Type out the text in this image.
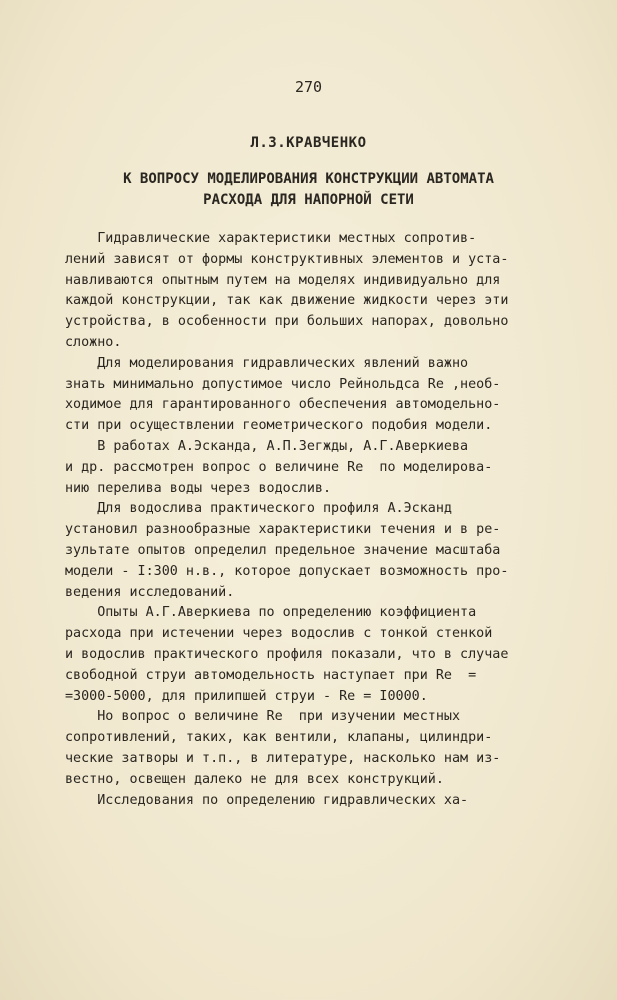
270
Л.З.КРАВЧЕНКО
К ВОПРОСУ МОДЕЛИРОВАНИЯ КОНСТРУКЦИИ АВТОМАТА
РАСХОДА ДЛЯ НАПОРНОЙ СЕТИ
Гидравлические характеристики местных сопротив-
лений зависят от формы конструктивных элементов и уста-
навливаются опытным путем на моделях индивидуально для
каждой конструкции, так как движение жидкости через эти
устройства, в особенности при больших напорах, довольно
сложно.
Для моделирования гидравлических явлений важно
знать минимально допустимое число Рейнольдса Re ,необ-
ходимое для гарантированного обеспечения автомодельно-
сти при осуществлении геометрического подобия модели.
В работах А.Эсканда, А.П.Зегжды, А.Г.Аверкиева
и др. рассмотрен вопрос о величине Re  по моделирова-
нию перелива воды через водослив.
Для водослива практического профиля А.Эсканд
установил разнообразные характеристики течения и в ре-
зультате опытов определил предельное значение масштаба
модели - I:300 н.в., которое допускает возможность про-
ведения исследований.
Опыты А.Г.Аверкиева по определению коэффициента
расхода при истечении через водослив с тонкой стенкой
и водослив практического профиля показали, что в случае
свободной струи автомодельность наступает при Re  =
=3000-5000, для прилипшей струи - Re = I0000.
Но вопрос о величине Re  при изучении местных
сопротивлений, таких, как вентили, клапаны, цилиндри-
ческие затворы и т.п., в литературе, насколько нам из-
вестно, освещен далеко не для всех конструкций.
Исследования по определению гидравлических ха-
